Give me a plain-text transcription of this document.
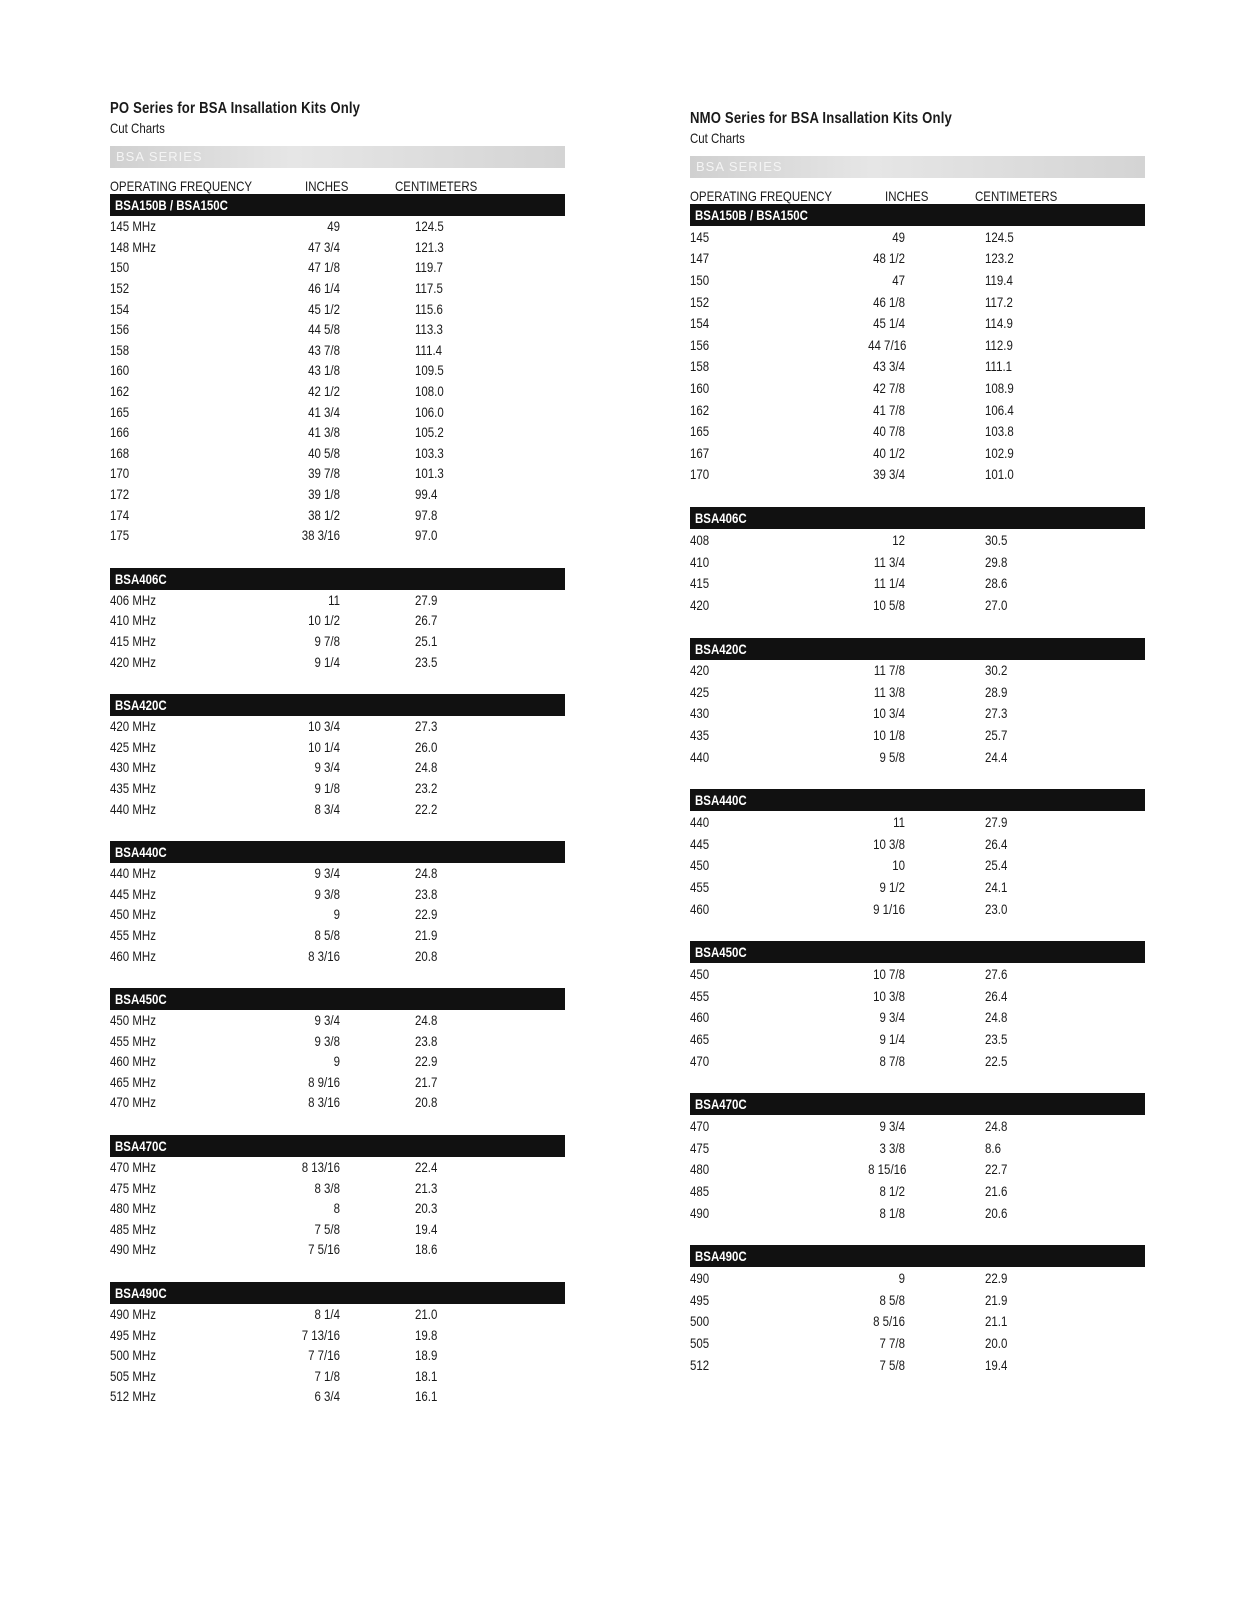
PO Series for BSA Insallation Kits Only
Cut Charts
BSA SERIES
OPERATING FREQUENCY	INCHES	CENTIMETERS
BSA150B / BSA150C
145 MHz	49	124.5
148 MHz	47 3/4	121.3
150	47 1/8	119.7
152	46 1/4	117.5
154	45 1/2	115.6
156	44 5/8	113.3
158	43 7/8	111.4
160	43 1/8	109.5
162	42 1/2	108.0
165	41 3/4	106.0
166	41 3/8	105.2
168	40 5/8	103.3
170	39 7/8	101.3
172	39 1/8	99.4
174	38 1/2	97.8
175	38 3/16	97.0
BSA406C
406 MHz	11	27.9
410 MHz	10 1/2	26.7
415 MHz	9 7/8	25.1
420 MHz	9 1/4	23.5
BSA420C
420 MHz	10 3/4	27.3
425 MHz	10 1/4	26.0
430 MHz	9 3/4	24.8
435 MHz	9 1/8	23.2
440 MHz	8 3/4	22.2
BSA440C
440 MHz	9 3/4	24.8
445 MHz	9 3/8	23.8
450 MHz	9	22.9
455 MHz	8 5/8	21.9
460 MHz	8 3/16	20.8
BSA450C
450 MHz	9 3/4	24.8
455 MHz	9 3/8	23.8
460 MHz	9	22.9
465 MHz	8 9/16	21.7
470 MHz	8 3/16	20.8
BSA470C
470 MHz	8 13/16	22.4
475 MHz	8 3/8	21.3
480 MHz	8	20.3
485 MHz	7 5/8	19.4
490 MHz	7 5/16	18.6
BSA490C
490 MHz	8 1/4	21.0
495 MHz	7 13/16	19.8
500 MHz	7 7/16	18.9
505 MHz	7 1/8	18.1
512 MHz	6 3/4	16.1
NMO Series for BSA Insallation Kits Only
Cut Charts
BSA SERIES
OPERATING FREQUENCY	INCHES	CENTIMETERS
BSA150B / BSA150C
145	49	124.5
147	48 1/2	123.2
150	47	119.4
152	46 1/8	117.2
154	45 1/4	114.9
156	44 7/16	112.9
158	43 3/4	111.1
160	42 7/8	108.9
162	41 7/8	106.4
165	40 7/8	103.8
167	40 1/2	102.9
170	39 3/4	101.0
BSA406C
408	12	30.5
410	11 3/4	29.8
415	11 1/4	28.6
420	10 5/8	27.0
BSA420C
420	11 7/8	30.2
425	11 3/8	28.9
430	10 3/4	27.3
435	10 1/8	25.7
440	9 5/8	24.4
BSA440C
440	11	27.9
445	10 3/8	26.4
450	10	25.4
455	9 1/2	24.1
460	9 1/16	23.0
BSA450C
450	10 7/8	27.6
455	10 3/8	26.4
460	9 3/4	24.8
465	9 1/4	23.5
470	8 7/8	22.5
BSA470C
470	9 3/4	24.8
475	3 3/8	8.6
480	8 15/16	22.7
485	8 1/2	21.6
490	8 1/8	20.6
BSA490C
490	9	22.9
495	8 5/8	21.9
500	8 5/16	21.1
505	7 7/8	20.0
512	7 5/8	19.4
